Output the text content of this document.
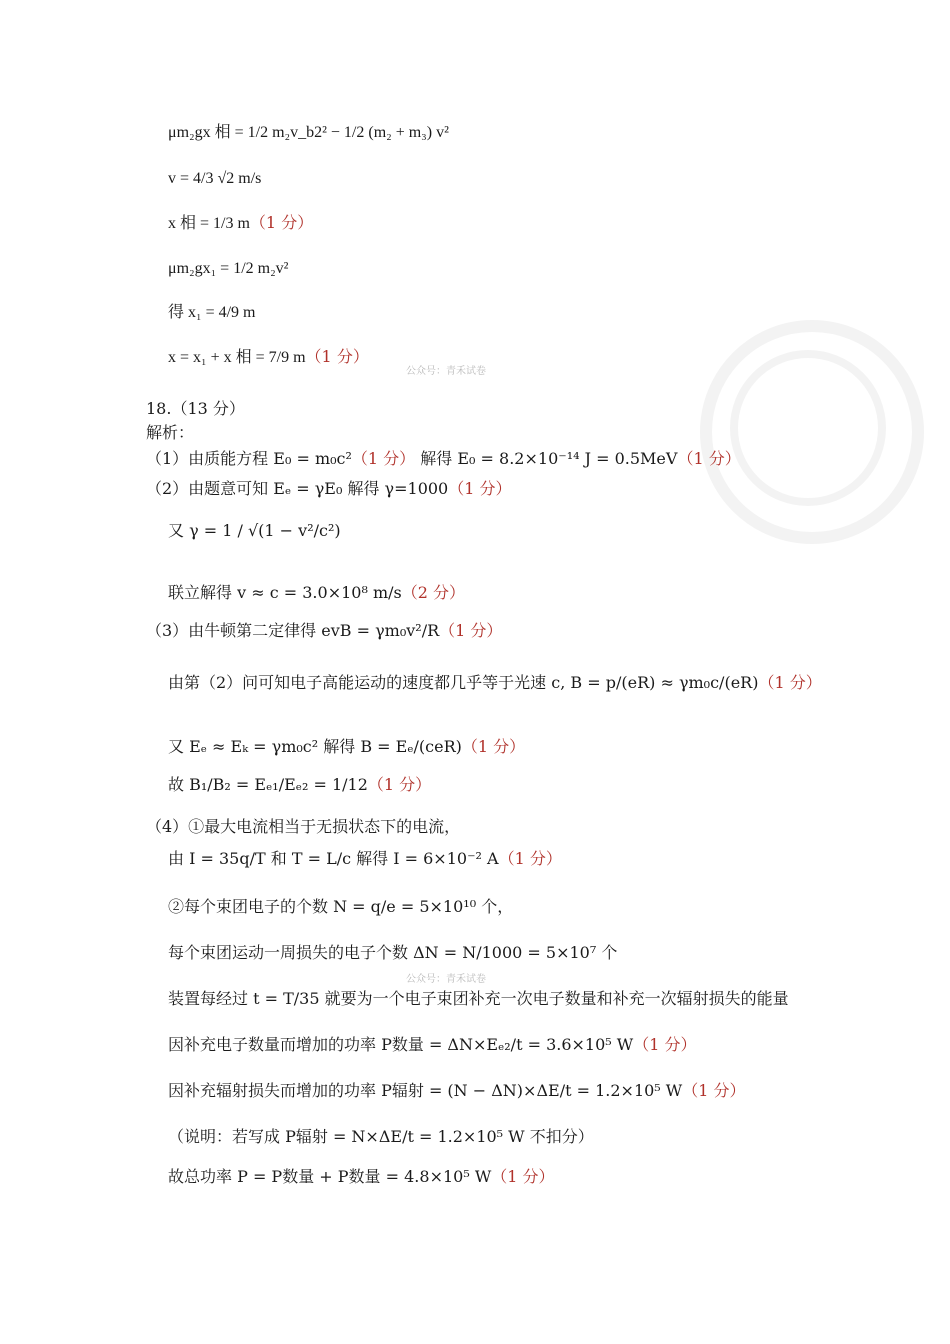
μm₂gx 相 = 1/2 m₂v_b2² − 1/2 (m₂ + m₃) v²
v = 4/3 √2 m/s
x 相 = 1/3 m（1 分）
μm₂gx₁ = 1/2 m₂v²
得 x₁ = 4/9 m
x = x₁ + x 相 = 7/9 m（1 分）
公众号：青禾试卷
18.（13 分）
解析：
（1）由质能方程 E₀ = m₀c²（1 分） 解得 E₀ = 8.2×10⁻¹⁴ J = 0.5MeV（1 分）
（2）由题意可知 Eₑ = γE₀ 解得 γ=1000（1 分）
又 γ = 1 / √(1 − v²/c²)
联立解得 v ≈ c = 3.0×10⁸ m/s（2 分）
（3）由牛顿第二定律得 evB = γm₀v²/R（1 分）
由第（2）问可知电子高能运动的速度都几乎等于光速 c, B = p/(eR) ≈ γm₀c/(eR)（1 分）
又 Eₑ ≈ Eₖ = γm₀c² 解得 B = Eₑ/(ceR)（1 分）
故 B₁/B₂ = Eₑ₁/Eₑ₂ = 1/12（1 分）
（4）①最大电流相当于无损状态下的电流，
由 I = 35q/T 和 T = L/c 解得 I = 6×10⁻² A（1 分）
②每个束团电子的个数 N = q/e = 5×10¹⁰ 个，
每个束团运动一周损失的电子个数 ΔN = N/1000 = 5×10⁷ 个
公众号：青禾试卷
装置每经过 t = T/35 就要为一个电子束团补充一次电子数量和补充一次辐射损失的能量
因补充电子数量而增加的功率 P数量 = ΔN×Eₑ₂/t = 3.6×10⁵ W（1 分）
因补充辐射损失而增加的功率 P辐射 = (N − ΔN)×ΔE/t = 1.2×10⁵ W（1 分）
（说明：若写成 P辐射 = N×ΔE/t = 1.2×10⁵ W 不扣分）
故总功率 P = P数量 + P数量 = 4.8×10⁵ W（1 分）
